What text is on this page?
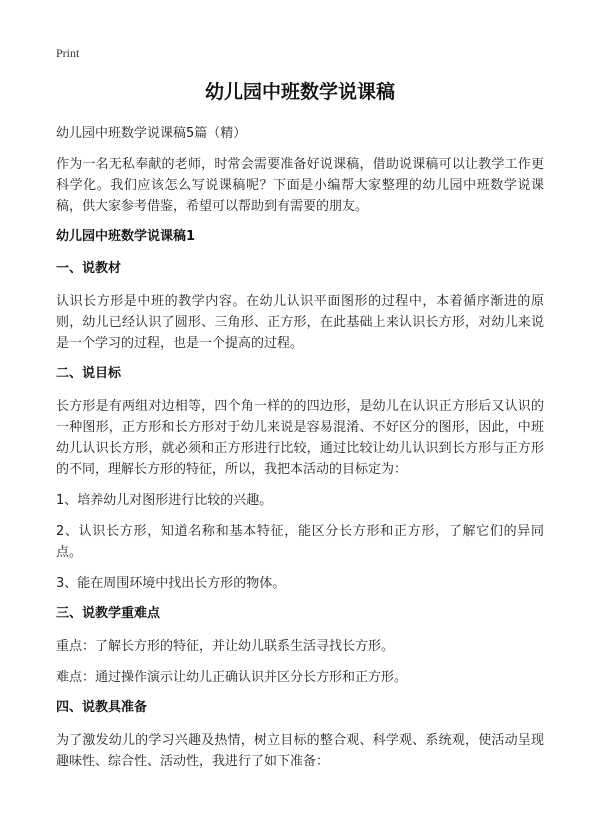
Print
幼儿园中班数学说课稿

幼儿园中班数学说课稿5篇（精）

作为一名无私奉献的老师，时常会需要准备好说课稿，借助说课稿可以让教学工作更科学化。我们应该怎么写说课稿呢？下面是小编帮大家整理的幼儿园中班数学说课稿，供大家参考借鉴，希望可以帮助到有需要的朋友。

幼儿园中班数学说课稿1
一、说教材

认识长方形是中班的教学内容。在幼儿认识平面图形的过程中，本着循序渐进的原则，幼儿已经认识了圆形、三角形、正方形，在此基础上来认识长方形，对幼儿来说是一个学习的过程，也是一个提高的过程。

二、说目标

长方形是有两组对边相等，四个角一样的的四边形，是幼儿在认识正方形后又认识的一种图形，正方形和长方形对于幼儿来说是容易混淆、不好区分的图形，因此，中班幼儿认识长方形，就必须和正方形进行比较，通过比较让幼儿认识到长方形与正方形的不同，理解长方形的特征，所以，我把本活动的目标定为：

1、培养幼儿对图形进行比较的兴趣。

2、认识长方形，知道名称和基本特征，能区分长方形和正方形，了解它们的异同点。

3、能在周围环境中找出长方形的物体。

三、说教学重难点

重点：了解长方形的特征，并让幼儿联系生活寻找长方形。

难点：通过操作演示让幼儿正确认识并区分长方形和正方形。

四、说教具准备

为了激发幼儿的学习兴趣及热情，树立目标的整合观、科学观、系统观，使活动呈现趣味性、综合性、活动性，我进行了如下准备：
